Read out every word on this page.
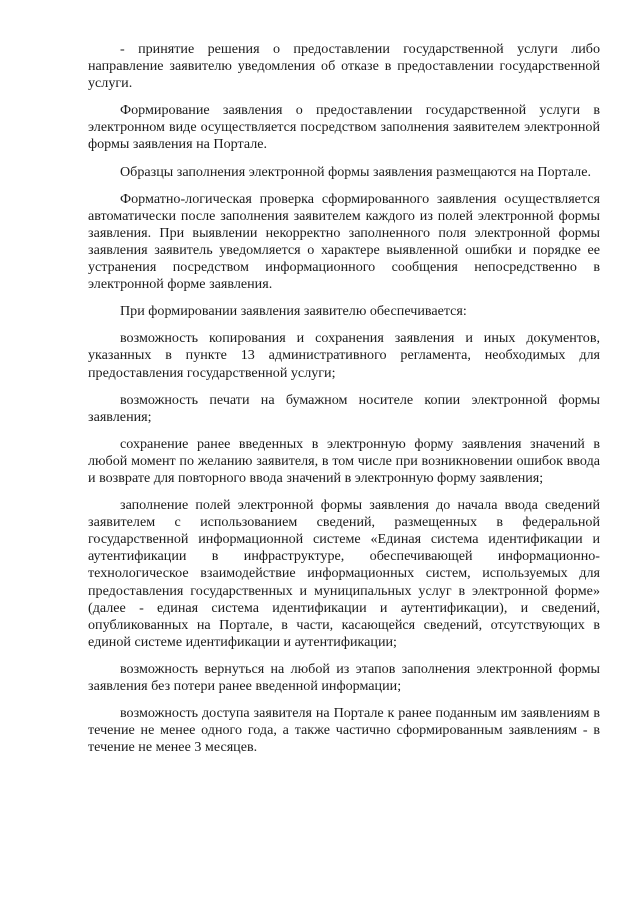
- принятие решения о предоставлении государственной услуги либо направление заявителю уведомления об отказе в предоставлении государственной услуги.

Формирование заявления о предоставлении государственной услуги в электронном виде осуществляется посредством заполнения заявителем электронной формы заявления на Портале.

Образцы заполнения электронной формы заявления размещаются на Портале.

Форматно-логическая проверка сформированного заявления осуществляется автоматически после заполнения заявителем каждого из полей электронной формы заявления. При выявлении некорректно заполненного поля электронной формы заявления заявитель уведомляется о характере выявленной ошибки и порядке ее устранения посредством информационного сообщения непосредственно в электронной форме заявления.

При формировании заявления заявителю обеспечивается:

возможность копирования и сохранения заявления и иных документов, указанных в пункте 13 административного регламента, необходимых для предоставления государственной услуги;

возможность печати на бумажном носителе копии электронной формы заявления;

сохранение ранее введенных в электронную форму заявления значений в любой момент по желанию заявителя, в том числе при возникновении ошибок ввода и возврате для повторного ввода значений в электронную форму заявления;

заполнение полей электронной формы заявления до начала ввода сведений заявителем с использованием сведений, размещенных в федеральной государственной информационной системе «Единая система идентификации и аутентификации в инфраструктуре, обеспечивающей информационно-технологическое взаимодействие информационных систем, используемых для предоставления государственных и муниципальных услуг в электронной форме» (далее - единая система идентификации и аутентификации), и сведений, опубликованных на Портале, в части, касающейся сведений, отсутствующих в единой системе идентификации и аутентификации;

возможность вернуться на любой из этапов заполнения электронной формы заявления без потери ранее введенной информации;

возможность доступа заявителя на Портале к ранее поданным им заявлениям в течение не менее одного года, а также частично сформированным заявлениям - в течение не менее 3 месяцев.
